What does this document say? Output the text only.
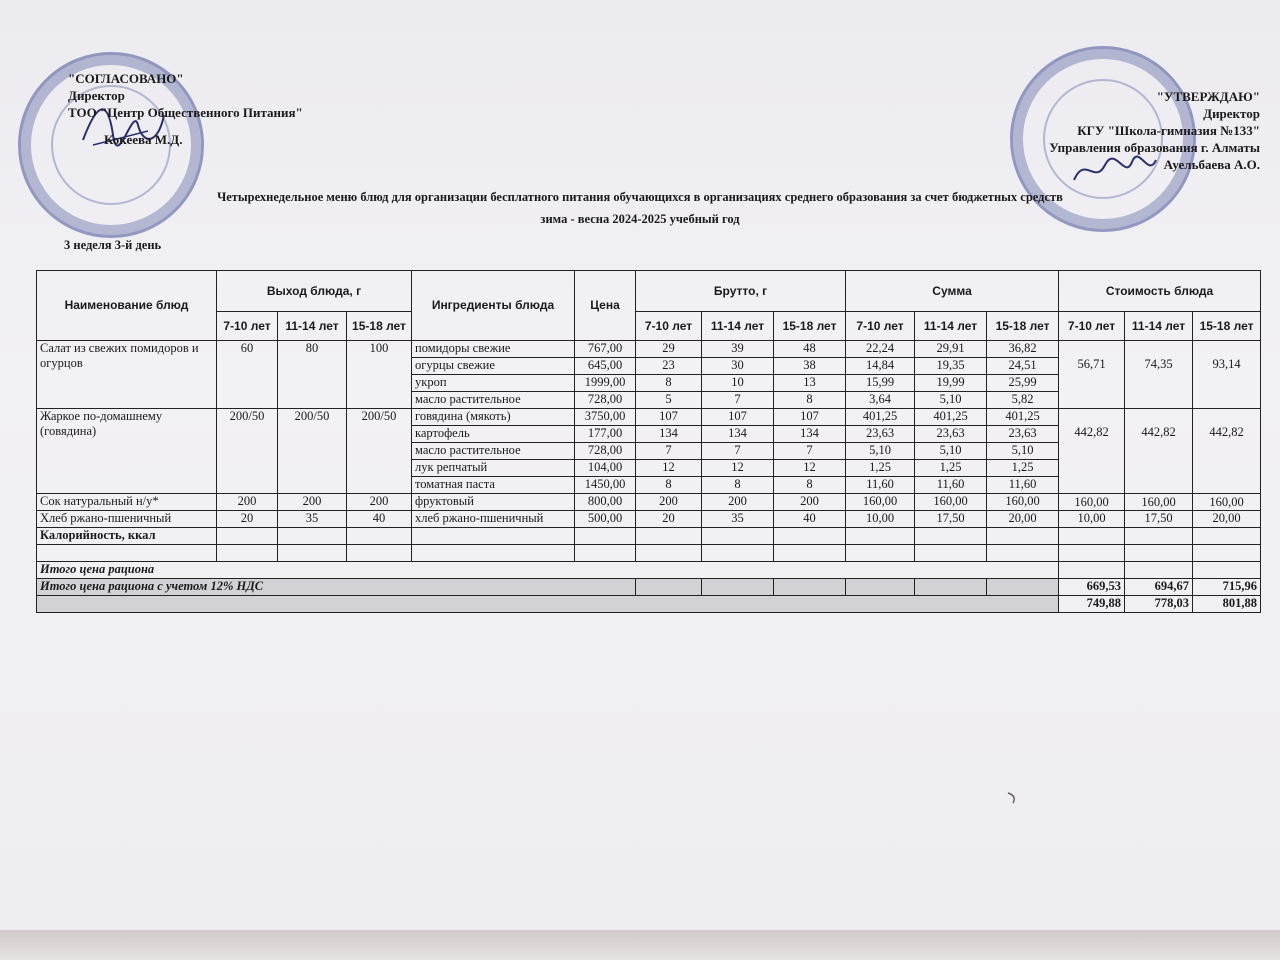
"СОГЛАСОВАНО"
Директор
ТОО "Центр Общественного Питания"
Кокеева М.Д.
"УТВЕРЖДАЮ"
Директор
КГУ "Школа-гимназия №133"
Управления образования г. Алматы
Ауельбаева А.О.
Четырехнедельное меню блюд для организации бесплатного питания обучающихся в организациях среднего образования за счет бюджетных средств
зима - весна 2024-2025 учебный год
3 неделя 3-й день
Наименование блюд	Выход блюда, г			Ингредиенты блюда	Цена	Брутто, г			Сумма			Стоимость блюда		
	7-10 лет	11-14 лет	15-18 лет			7-10 лет	11-14 лет	15-18 лет	7-10 лет	11-14 лет	15-18 лет	7-10 лет	11-14 лет	15-18 лет
Салат из свежих помидоров и огурцов	60	80	100	помидоры свежие	767,00	29	39	48	22,24	29,91	36,82	56,71	74,35	93,14
				огурцы свежие	645,00	23	30	38	14,84	19,35	24,51			
				укроп	1999,00	8	10	13	15,99	19,99	25,99			
				масло растительное	728,00	5	7	8	3,64	5,10	5,82			
Жаркое по-домашнему (говядина)	200/50	200/50	200/50	говядина (мякоть)	3750,00	107	107	107	401,25	401,25	401,25	442,82	442,82	442,82
				картофель	177,00	134	134	134	23,63	23,63	23,63			
				масло растительное	728,00	7	7	7	5,10	5,10	5,10			
				лук репчатый	104,00	12	12	12	1,25	1,25	1,25			
				томатная паста	1450,00	8	8	8	11,60	11,60	11,60			
Сок натуральный н/у*	200	200	200	фруктовый	800,00	200	200	200	160,00	160,00	160,00	160,00	160,00	160,00
Хлеб ржано-пшеничный	20	35	40	хлеб ржано-пшеничный	500,00	20	35	40	10,00	17,50	20,00	10,00	17,50	20,00
Калорийность, ккал														

Итого цена рациона														
Итого цена рациона с учетом 12% НДС												669,53	694,67	715,96
												749,88	778,03	801,88
